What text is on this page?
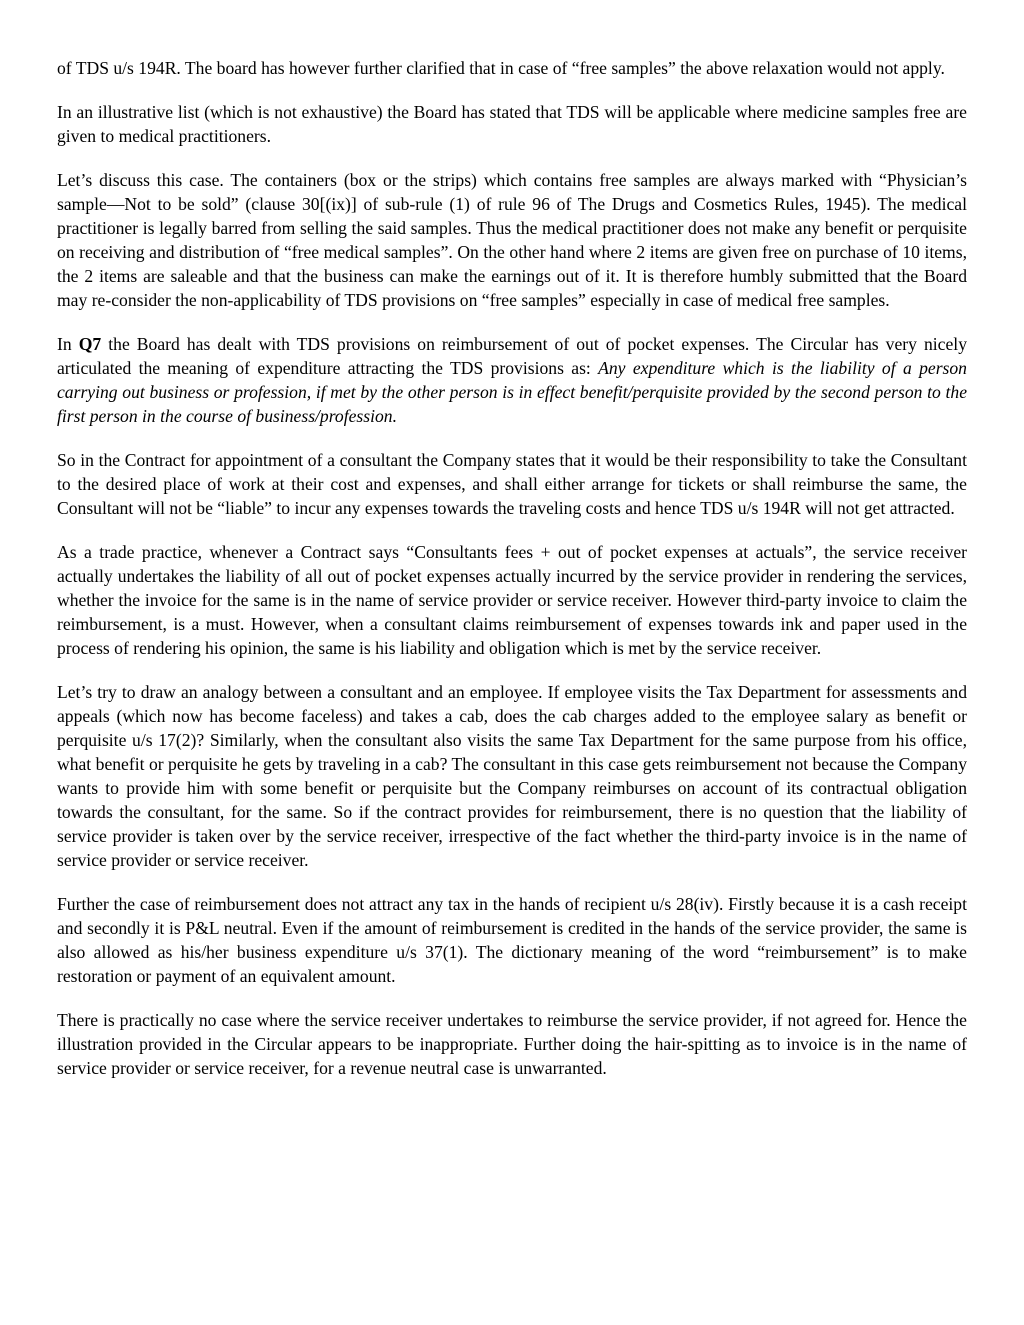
of TDS u/s 194R. The board has however further clarified that in case of “free samples” the above relaxation would not apply.

In an illustrative list (which is not exhaustive) the Board has stated that TDS will be applicable where medicine samples free are given to medical practitioners.

Let’s discuss this case. The containers (box or the strips) which contains free samples are always marked with “Physician’s sample—Not to be sold” (clause 30[(ix)] of sub-rule (1) of rule 96 of The Drugs and Cosmetics Rules, 1945). The medical practitioner is legally barred from selling the said samples. Thus the medical practitioner does not make any benefit or perquisite on receiving and distribution of “free medical samples”. On the other hand where 2 items are given free on purchase of 10 items, the 2 items are saleable and that the business can make the earnings out of it. It is therefore humbly submitted that the Board may re-consider the non-applicability of TDS provisions on “free samples” especially in case of medical free samples.

In Q7 the Board has dealt with TDS provisions on reimbursement of out of pocket expenses. The Circular has very nicely articulated the meaning of expenditure attracting the TDS provisions as: Any expenditure which is the liability of a person carrying out business or profession, if met by the other person is in effect benefit/perquisite provided by the second person to the first person in the course of business/profession.

So in the Contract for appointment of a consultant the Company states that it would be their responsibility to take the Consultant to the desired place of work at their cost and expenses, and shall either arrange for tickets or shall reimburse the same, the Consultant will not be “liable” to incur any expenses towards the traveling costs and hence TDS u/s 194R will not get attracted.

As a trade practice, whenever a Contract says “Consultants fees + out of pocket expenses at actuals”, the service receiver actually undertakes the liability of all out of pocket expenses actually incurred by the service provider in rendering the services, whether the invoice for the same is in the name of service provider or service receiver. However third-party invoice to claim the reimbursement, is a must. However, when a consultant claims reimbursement of expenses towards ink and paper used in the process of rendering his opinion, the same is his liability and obligation which is met by the service receiver.

Let’s try to draw an analogy between a consultant and an employee. If employee visits the Tax Department for assessments and appeals (which now has become faceless) and takes a cab, does the cab charges added to the employee salary as benefit or perquisite u/s 17(2)? Similarly, when the consultant also visits the same Tax Department for the same purpose from his office, what benefit or perquisite he gets by traveling in a cab? The consultant in this case gets reimbursement not because the Company wants to provide him with some benefit or perquisite but the Company reimburses on account of its contractual obligation towards the consultant, for the same. So if the contract provides for reimbursement, there is no question that the liability of service provider is taken over by the service receiver, irrespective of the fact whether the third-party invoice is in the name of service provider or service receiver.

Further the case of reimbursement does not attract any tax in the hands of recipient u/s 28(iv). Firstly because it is a cash receipt and secondly it is P&L neutral. Even if the amount of reimbursement is credited in the hands of the service provider, the same is also allowed as his/her business expenditure u/s 37(1). The dictionary meaning of the word “reimbursement” is to make restoration or payment of an equivalent amount.

There is practically no case where the service receiver undertakes to reimburse the service provider, if not agreed for. Hence the illustration provided in the Circular appears to be inappropriate. Further doing the hair-spitting as to invoice is in the name of service provider or service receiver, for a revenue neutral case is unwarranted.
